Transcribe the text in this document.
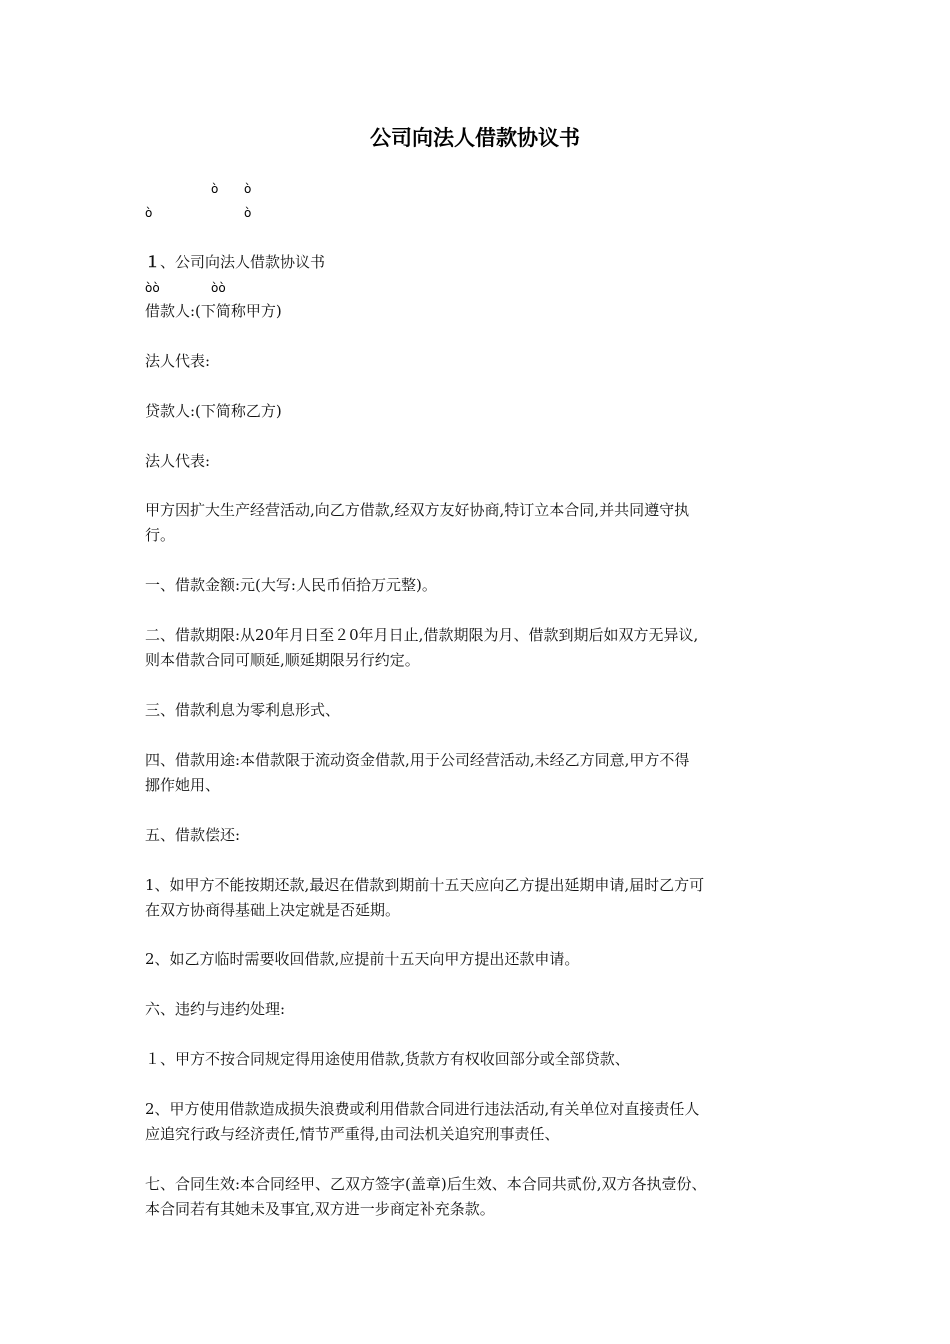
公司向法人借款协议书
ò ò
ò	ò
１、公司向法人借款协议书
òò	òò
借款人:(下简称甲方)
法人代表:
贷款人:(下简称乙方)
法人代表:
甲方因扩大生产经营活动,向乙方借款,经双方友好协商,特订立本合同,并共同遵守执
行。
一、借款金额:元(大写:人民币佰拾万元整)。
二、借款期限:从20年月日至２0年月日止,借款期限为月、借款到期后如双方无异议,
则本借款合同可顺延,顺延期限另行约定。
三、借款利息为零利息形式、
四、借款用途:本借款限于流动资金借款,用于公司经营活动,未经乙方同意,甲方不得
挪作她用、
五、借款偿还:
1、如甲方不能按期还款,最迟在借款到期前十五天应向乙方提出延期申请,届时乙方可
在双方协商得基础上决定就是否延期。
2、如乙方临时需要收回借款,应提前十五天向甲方提出还款申请。
六、违约与违约处理:
１、甲方不按合同规定得用途使用借款,货款方有权收回部分或全部贷款、
2、甲方使用借款造成损失浪费或利用借款合同进行违法活动,有关单位对直接责任人
应追究行政与经济责任,情节严重得,由司法机关追究刑事责任、
七、合同生效:本合同经甲、乙双方签字(盖章)后生效、本合同共贰份,双方各执壹份、
本合同若有其她未及事宜,双方进一步商定补充条款。
